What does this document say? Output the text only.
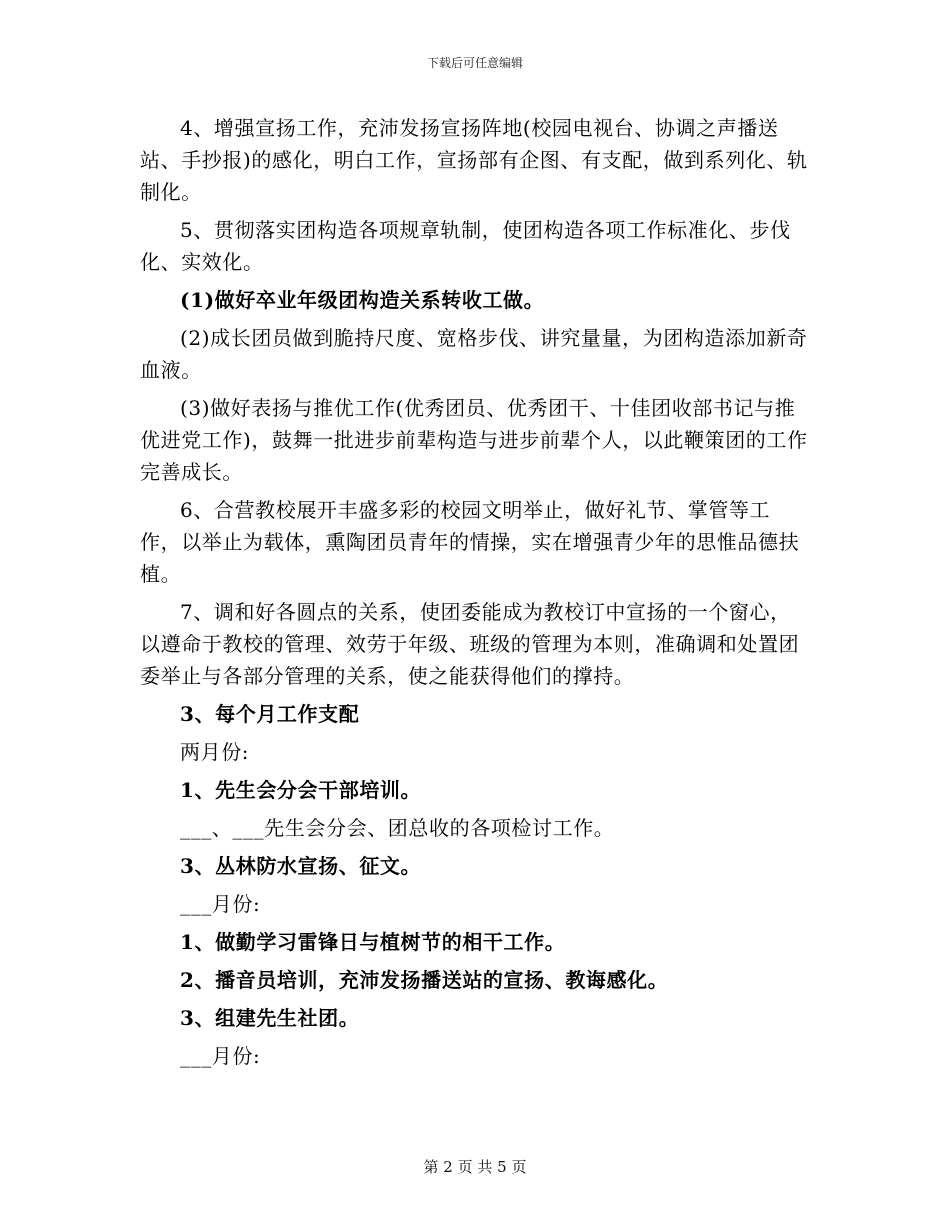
下载后可任意编辑

4、增强宣扬工作，充沛发扬宣扬阵地(校园电视台、协调之声播送站、手抄报)的感化，明白工作，宣扬部有企图、有支配，做到系列化、轨制化。

5、贯彻落实团构造各项规章轨制，使团构造各项工作标准化、步伐化、实效化。

(1)做好卒业年级团构造关系转收工做。

(2)成长团员做到脆持尺度、宽格步伐、讲究量量，为团构造添加新奇血液。

(3)做好表扬与推优工作(优秀团员、优秀团干、十佳团收部书记与推优进党工作)，鼓舞一批进步前辈构造与进步前辈个人，以此鞭策团的工作完善成长。

6、合营教校展开丰盛多彩的校园文明举止，做好礼节、掌管等工作，以举止为载体，熏陶团员青年的情操，实在增强青少年的思惟品德扶植。

7、调和好各圆点的关系，使团委能成为教校订中宣扬的一个窗心，以遵命于教校的管理、效劳于年级、班级的管理为本则，准确调和处置团委举止与各部分管理的关系，使之能获得他们的撑持。

3、每个月工作支配

两月份:

1、先生会分会干部培训。

___、___先生会分会、团总收的各项检讨工作。

3、丛林防水宣扬、征文。

___月份:

1、做勤学习雷锋日与植树节的相干工作。

2、播音员培训，充沛发扬播送站的宣扬、教诲感化。

3、组建先生社团。

___月份:

第 2 页 共 5 页
